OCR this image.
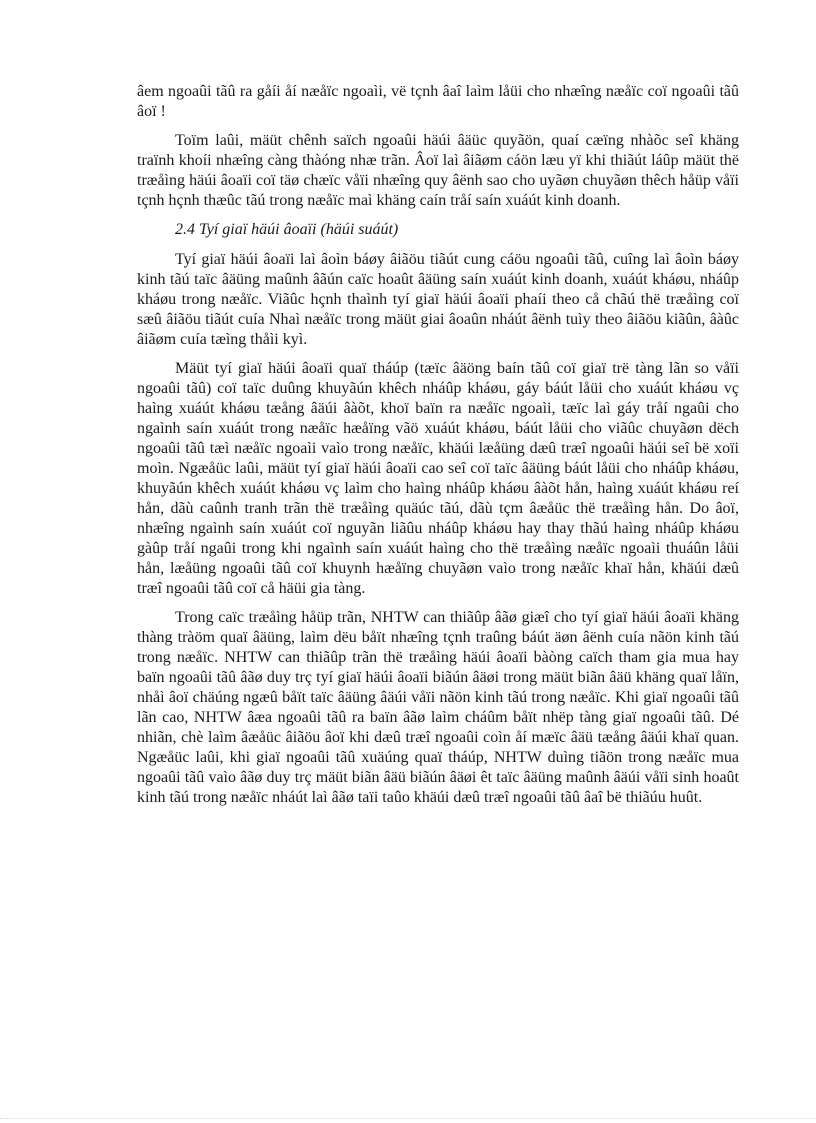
âem ngoaûi tãû ra gåíi åí næåïc ngoaìi, vë tçnh âaî laìm låüi cho nhæîng næåïc coï ngoaûi tãû âoï !

Toïm laûi, mäüt chênh saïch ngoaûi häúi âäüc quyãön, quaí cæïng nhàõc seî khäng traïnh khoíi nhæîng càng thàóng nhæ trãn. Âoï laì âiãøm cáön læu yï khi thiãút láûp mäüt thë træåìng häúi âoaïi coï täø chæïc våïi nhæîng quy âënh sao cho uyãøn chuyãøn thêch håüp våïi tçnh hçnh thæûc tãú trong næåïc maì khäng caín tråí saín xuáút kinh doanh.

2.4 Tyí giaï häúi âoaïi (häúi suáút)

Tyí giaï häúi âoaïi laì âoìn báøy âiãöu tiãút cung cáöu ngoaûi tãû, cuîng laì âoìn báøy kinh tãú taïc âäüng maûnh âãún caïc hoaût âäüng saín xuáút kinh doanh, xuáút kháøu, nháûp kháøu trong næåïc. Viãûc hçnh thaình tyí giaï häúi âoaïi phaíi theo cå chãú thë træåìng coï sæû âiãöu tiãút cuía Nhaì næåïc trong mäüt giai âoaûn nháút âënh tuìy theo âiãöu kiãûn, âàûc âiãøm cuía tæìng thåìi kyì.

Mäüt tyí giaï häúi âoaïi quaï tháúp (tæïc âäöng baín tãû coï giaï trë tàng lãn so våïi ngoaûi tãû) coï taïc duûng khuyãún khêch nháûp kháøu, gáy báút låüi cho xuáút kháøu vç haìng xuáút kháøu tæång âäúi âàõt, khoï baïn ra næåïc ngoaìi, tæïc laì gáy tråí ngaûi cho ngaình saín xuáút trong næåïc hæåïng vãö xuáút kháøu, báút låüi cho viãûc chuyãøn dëch ngoaûi tãû tæì næåïc ngoaìi vaìo trong næåïc, khäúi læåüng dæû træî ngoaûi häúi seî bë xoïi moìn. Ngæåüc laûi, mäüt tyí giaï häúi âoaïi cao seî coï taïc âäüng báút låüi cho nháûp kháøu, khuyãún khêch xuáút kháøu vç laìm cho haìng nháûp kháøu âàõt hån, haìng xuáút kháøu reí hån, dãù caûnh tranh trãn thë træåìng quäúc tãú, dãù tçm âæåüc thë træåìng hån. Do âoï, nhæîng ngaình saín xuáút coï nguyãn liãûu nháûp kháøu hay thay thãú haìng nháûp kháøu gàûp tråí ngaûi trong khi ngaình saín xuáút haìng cho thë træåìng næåïc ngoaìi thuáûn låüi hån, læåüng ngoaûi tãû coï khuynh hæåïng chuyãøn vaìo trong næåïc khaï hån, khäúi dæû træî ngoaûi tãû coï cå häüi gia tàng.

Trong caïc træåìng håüp trãn, NHTW can thiãûp âãø giæî cho tyí giaï häúi âoaïi khäng thàng tràöm quaï âäüng, laìm dëu båït nhæîng tçnh traûng báút äøn âënh cuía nãön kinh tãú trong næåïc. NHTW can thiãûp trãn thë træåìng häúi âoaïi bàòng caïch tham gia mua hay baïn ngoaûi tãû âãø duy trç tyí giaï häúi âoaïi biãún âäøi trong mäüt biãn âäü khäng quaï låïn, nhåì âoï chäúng ngæû båït taïc âäüng âäúi våïi nãön kinh tãú trong næåïc. Khi giaï ngoaûi tãû lãn cao, NHTW âæa ngoaûi tãû ra baïn âãø laìm cháûm båït nhëp tàng giaï ngoaûi tãû. Dé nhiãn, chè laìm âæåüc âiãöu âoï khi dæû træî ngoaûi coìn åí mæïc âäü tæång âäúi khaï quan. Ngæåüc laûi, khi giaï ngoaûi tãû xuäúng quaï tháúp, NHTW duìng tiãön trong næåïc mua ngoaûi tãû vaìo âãø duy trç mäüt biãn âäü biãún âäøi êt taïc âäüng maûnh âäúi våïi sinh hoaût kinh tãú trong næåïc nháút laì âãø taïi taûo khäúi dæû træî ngoaûi tãû âaî bë thiãúu huût.
